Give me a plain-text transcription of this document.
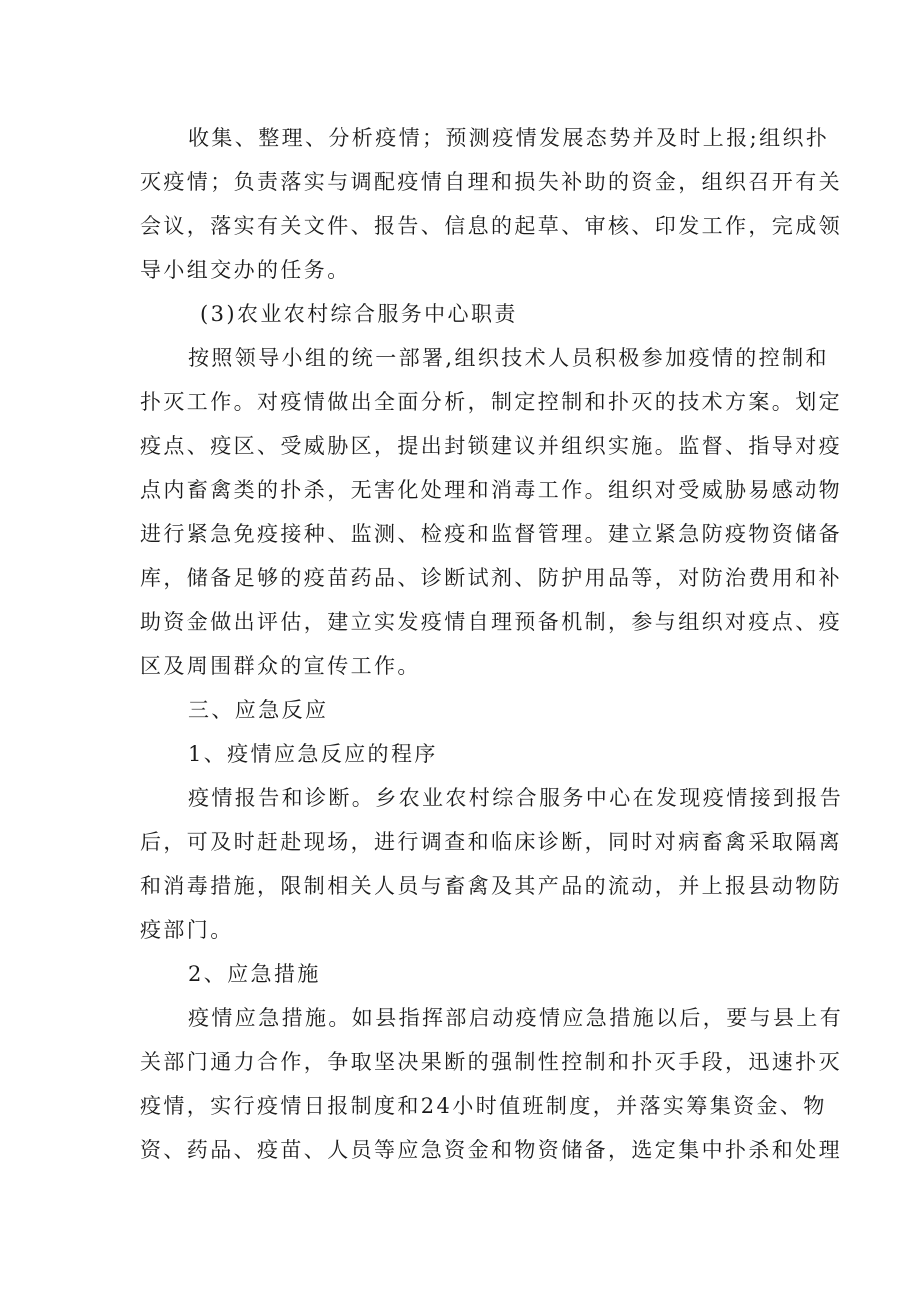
收集、整理、分析疫情；预测疫情发展态势并及时上报;组织扑
灭疫情；负责落实与调配疫情自理和损失补助的资金，组织召开有关
会议，落实有关文件、报告、信息的起草、审核、印发工作，完成领
导小组交办的任务。

(3)农业农村综合服务中心职责

按照领导小组的统一部署,组织技术人员积极参加疫情的控制和
扑灭工作。对疫情做出全面分析，制定控制和扑灭的技术方案。划定
疫点、疫区、受威胁区，提出封锁建议并组织实施。监督、指导对疫
点内畜禽类的扑杀，无害化处理和消毒工作。组织对受威胁易感动物
进行紧急免疫接种、监测、检疫和监督管理。建立紧急防疫物资储备
库，储备足够的疫苗药品、诊断试剂、防护用品等，对防治费用和补
助资金做出评估，建立实发疫情自理预备机制，参与组织对疫点、疫
区及周围群众的宣传工作。

三、应急反应

1、疫情应急反应的程序

疫情报告和诊断。乡农业农村综合服务中心在发现疫情接到报告
后，可及时赶赴现场，进行调查和临床诊断，同时对病畜禽采取隔离
和消毒措施，限制相关人员与畜禽及其产品的流动，并上报县动物防
疫部门。

2、应急措施

疫情应急措施。如县指挥部启动疫情应急措施以后，要与县上有
关部门通力合作，争取坚决果断的强制性控制和扑灭手段，迅速扑灭
疫情，实行疫情日报制度和24小时值班制度，并落实筹集资金、物
资、药品、疫苗、人员等应急资金和物资储备，选定集中扑杀和处理
